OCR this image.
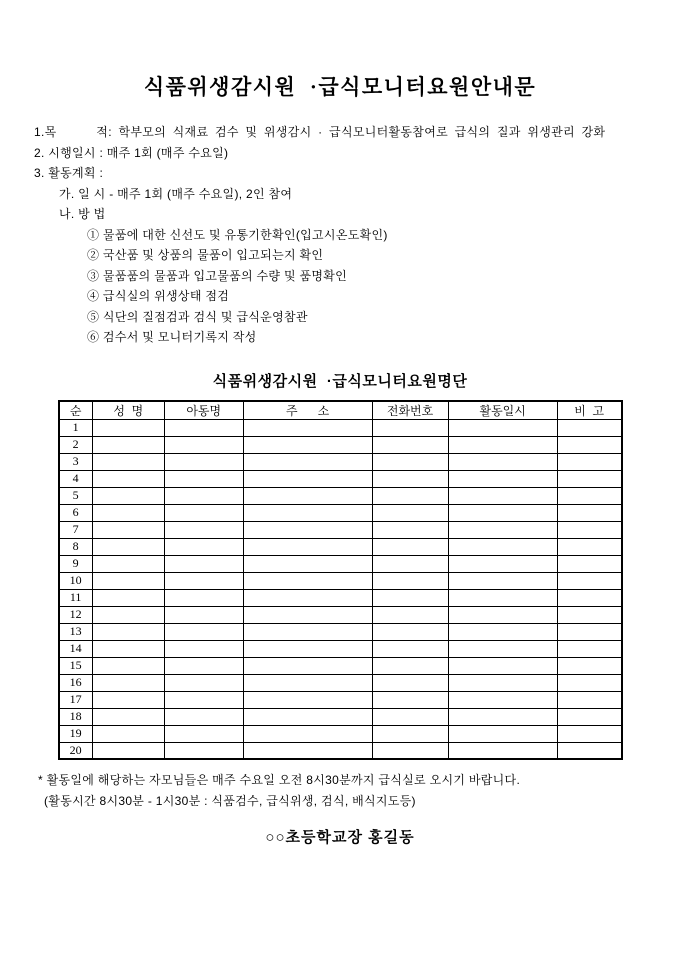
식품위생감시원  ·급식모니터요원안내문

1.목      적: 학부모의 식재료 검수 및 위생감시 · 급식모니터활동참여로 급식의 질과 위생관리 강화

2. 시행일시 : 매주 1회 (매주 수요일)

3. 활동계획 :

가. 일 시 - 매주 1회 (매주 수요일), 2인 참여

나. 방 법

① 물품에 대한 신선도 및 유통기한확인(입고시온도확인)

② 국산품 및 상품의 물품이 입고되는지 확인

③ 물품품의 물품과 입고물품의 수량 및 품명확인

④ 급식실의 위생상태 점검

⑤ 식단의 질점검과 검식 및 급식운영참관

⑥ 검수서 및 모니터기록지 작성

식품위생감시원  ·급식모니터요원명단
순	성  명	아동명	주      소	전화번호	활동일시	비  고
1						
2						
3						
4						
5						
6						
7						
8						
9						
10						
11						
12						
13						
14						
15						
16						
17						
18						
19						
20						

* 활동일에 해당하는 자모님들은 매주 수요일 오전 8시30분까지 급식실로 오시기 바랍니다.

(활동시간 8시30분 - 1시30분 : 식품검수, 급식위생, 검식, 배식지도등)

○○초등학교장 홍길동
